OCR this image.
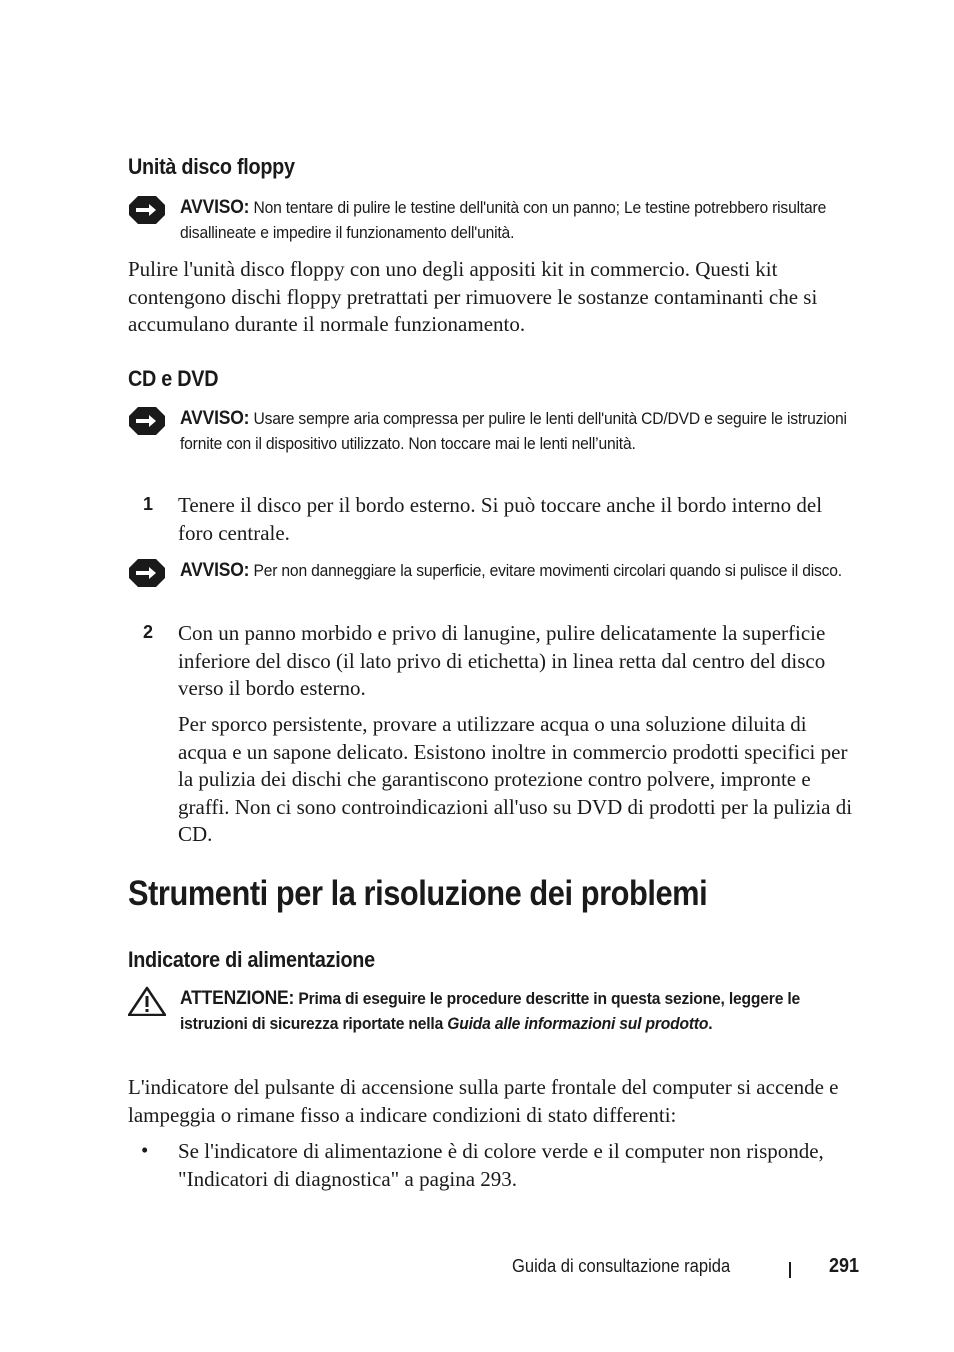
Unità disco floppy
AVVISO: Non tentare di pulire le testine dell'unità con un panno; Le testine potrebbero risultare disallineate e impedire il funzionamento dell'unità.

Pulire l'unità disco floppy con uno degli appositi kit in commercio. Questi kit contengono dischi floppy pretrattati per rimuovere le sostanze contaminanti che si accumulano durante il normale funzionamento.

CD e DVD
AVVISO: Usare sempre aria compressa per pulire le lenti dell'unità CD/DVD e seguire le istruzioni fornite con il dispositivo utilizzato. Non toccare mai le lenti nell’unità.
1 Tenere il disco per il bordo esterno. Si può toccare anche il bordo interno del foro centrale.

AVVISO: Per non danneggiare la superficie, evitare movimenti circolari quando si pulisce il disco.
2 Con un panno morbido e privo di lanugine, pulire delicatamente la superficie inferiore del disco (il lato privo di etichetta) in linea retta dal centro del disco verso il bordo esterno.

Per sporco persistente, provare a utilizzare acqua o una soluzione diluita di acqua e un sapone delicato. Esistono inoltre in commercio prodotti specifici per la pulizia dei dischi che garantiscono protezione contro polvere, impronte e graffi. Non ci sono controindicazioni all'uso su DVD di prodotti per la pulizia di CD.

Strumenti per la risoluzione dei problemi
Indicatore di alimentazione
ATTENZIONE: Prima di eseguire le procedure descritte in questa sezione, leggere le istruzioni di sicurezza riportate nella Guida alle informazioni sul prodotto.

L'indicatore del pulsante di accensione sulla parte frontale del computer si accende e lampeggia o rimane fisso a indicare condizioni di stato differenti:

• Se l'indicatore di alimentazione è di colore verde e il computer non risponde, "Indicatori di diagnostica" a pagina 293.

Guida di consultazione rapida	291
